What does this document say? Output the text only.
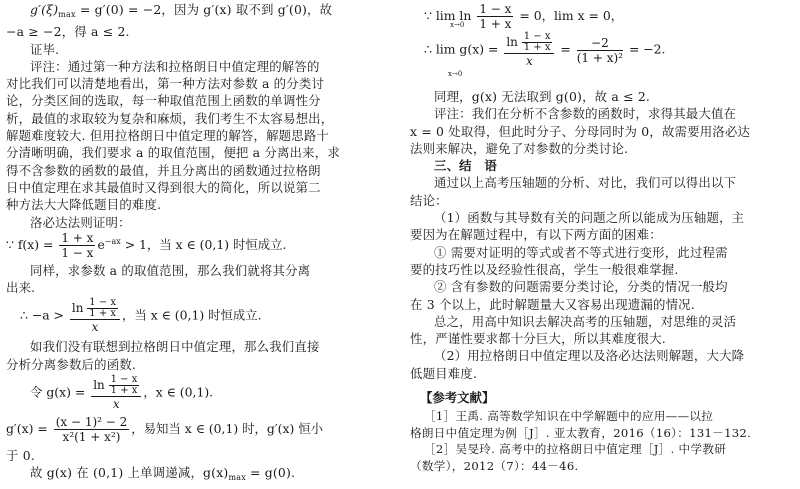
$g'(\xi)_{max} = g'(0) = -2$，因为 g′(x) 取不到 g′(0)，故

−a ≥ −2，得 a ≤ 2.

证毕.

评注：通过第一种方法和拉格朗日中值定理的解答的

对比我们可以清楚地看出，第一种方法对参数 a 的分类讨

论，分类区间的选取，每一种取值范围上函数的单调性分

析，最值的求取较为复杂和麻烦，我们考生不太容易想出，

解题难度较大. 但用拉格朗日中值定理的解答，解题思路十

分清晰明确，我们要求 a 的取值范围，便把 a 分离出来，求

得不含参数的函数的最值，并且分离出的函数通过拉格朗

日中值定理在求其最值时又得到很大的简化，所以说第二

种方法大大降低题目的难度.

洛必达法则证明：

∵ $f(x) = \frac{1 + x}{1 - x} e^{-ax} > 1$，当 x ∈ (0,1) 时恒成立.

同样，求参数 a 的取值范围，那么我们就将其分离

出来.

∴ $-a > \frac{\ln \frac{1 - x}{1 + x}}{x}$ ，当 x ∈ (0,1) 时恒成立.

如我们没有联想到拉格朗日中值定理，那么我们直接

分析分离参数后的函数.

令 $g(x) = \frac{\ln \frac{1 - x}{1 + x}}{x}$ ，x ∈ (0,1).
$g'(x) = \frac{\text{(x − 1)² − 2}}{\text{x²(1 + x²)}}$ ，易知当 x ∈ (0,1) 时，g′(x) 恒小

于 0.

故 g(x) 在 (0,1) 上单调递减，$g(x)_{max} = g(0)$.

∵ $\lim \ln \frac{1 - x}{1 + x} = 0$，lim x = 0，
x→0
∴ $\lim g(x) = \frac{\ln \frac{1 - x}{1 + x}}{x} = \frac{-2}{\text{(1 + x)²}} = -2$.
x→0

同理，g(x) 无法取到 g(0)，故 a ≤ 2.

评注：我们在分析不含参数的函数时，求得其最大值在

x = 0 处取得，但此时分子、分母同时为 0，故需要用洛必达

法则来解决，避免了对参数的分类讨论.

三、结　语

通过以上高考压轴题的分析、对比，我们可以得出以下

结论：

（1）函数与其导数有关的问题之所以能成为压轴题，主

要因为在解题过程中，有以下两方面的困难：

① 需要对证明的等式或者不等式进行变形，此过程需

要的技巧性以及经验性很高，学生一般很难掌握.

② 含有参数的问题需要分类讨论，分类的情况一般均

在 3 个以上，此时解题量大又容易出现遗漏的情况.

总之，用高中知识去解决高考的压轴题，对思维的灵活

性，严谨性要求都十分巨大，所以其难度很大.

（2）用拉格朗日中值定理以及洛必达法则解题，大大降

低题目难度.

【参考文献】

［1］王禹. 高等数学知识在中学解题中的应用——以拉

格朗日中值定理为例［J］. 亚太教育，2016（16）：131－132.

［2］吴旻玲. 高考中的拉格朗日中值定理［J］. 中学教研

（数学），2012（7）：44－46.
